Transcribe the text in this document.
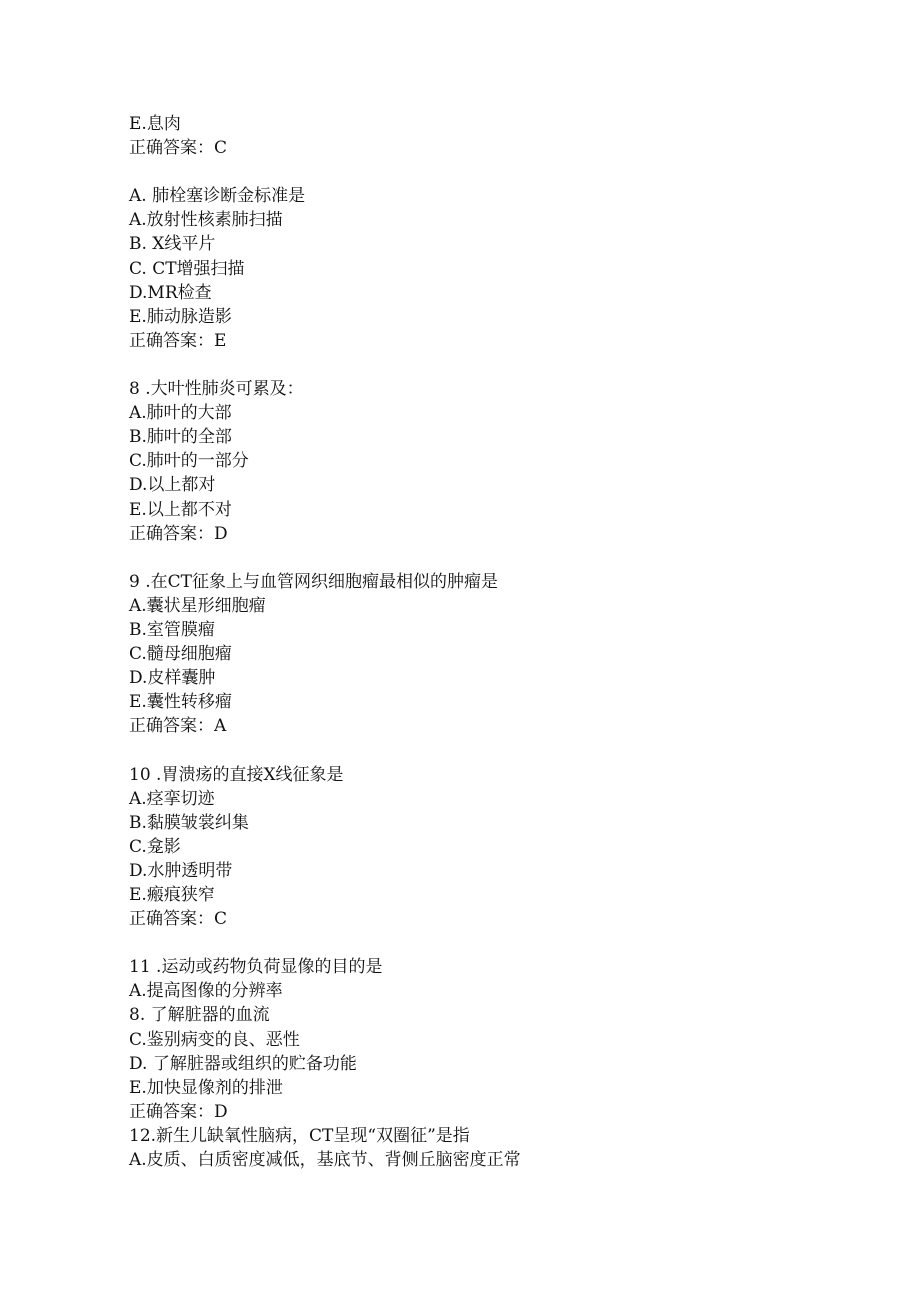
E.息肉
正确答案：C
A. 肺栓塞诊断金标准是
A.放射性核素肺扫描
B. X线平片
C. CT增强扫描
D.MR检查
E.肺动脉造影
正确答案：E
8 .大叶性肺炎可累及：
A.肺叶的大部
B.肺叶的全部
C.肺叶的一部分
D.以上都对
E.以上都不对
正确答案：D
9 .在CT征象上与血管网织细胞瘤最相似的肿瘤是
A.囊状星形细胞瘤
B.室管膜瘤
C.髓母细胞瘤
D.皮样囊肿
E.囊性转移瘤
正确答案：A
10 .胃溃疡的直接X线征象是
A.痉挛切迹
B.黏膜皱裳纠集
C.龛影
D.水肿透明带
E.瘢痕狭窄
正确答案：C
11 .运动或药物负荷显像的目的是
A.提高图像的分辨率
8. 了解脏器的血流
C.鉴别病变的良、恶性
D. 了解脏器或组织的贮备功能
E.加快显像剂的排泄
正确答案：D
12.新生儿缺氧性脑病，CT呈现“双圈征”是指
A.皮质、白质密度减低，基底节、背侧丘脑密度正常
